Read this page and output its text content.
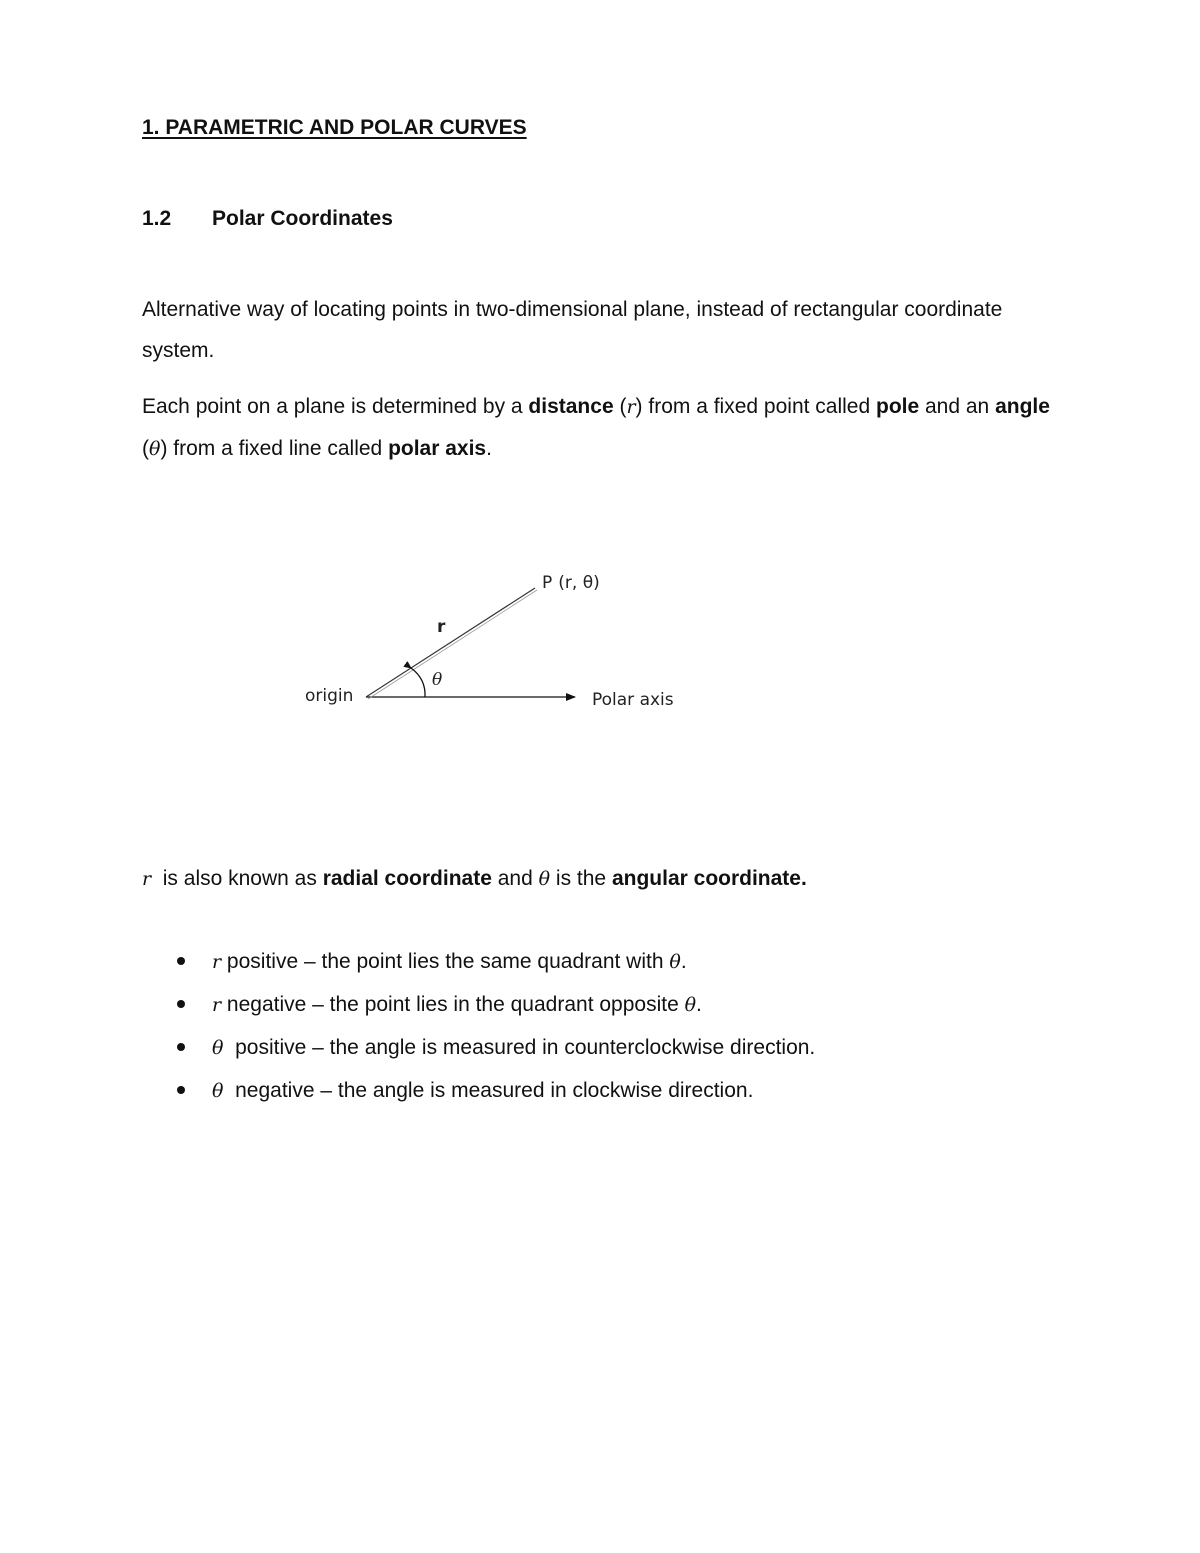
1. PARAMETRIC AND POLAR CURVES
1.2 Polar Coordinates

Alternative way of locating points in two-dimensional plane, instead of rectangular coordinate system.

Each point on a plane is determined by a distance (r) from a fixed point called pole and an angle (θ) from a fixed line called polar axis.

P (r, θ)
r
θ
origin	Polar axis

r  is also known as radial coordinate and θ is the angular coordinate.

r positive – the point lies the same quadrant with θ.
r negative – the point lies in the quadrant opposite θ.
θ  positive – the angle is measured in counterclockwise direction.
θ  negative – the angle is measured in clockwise direction.
